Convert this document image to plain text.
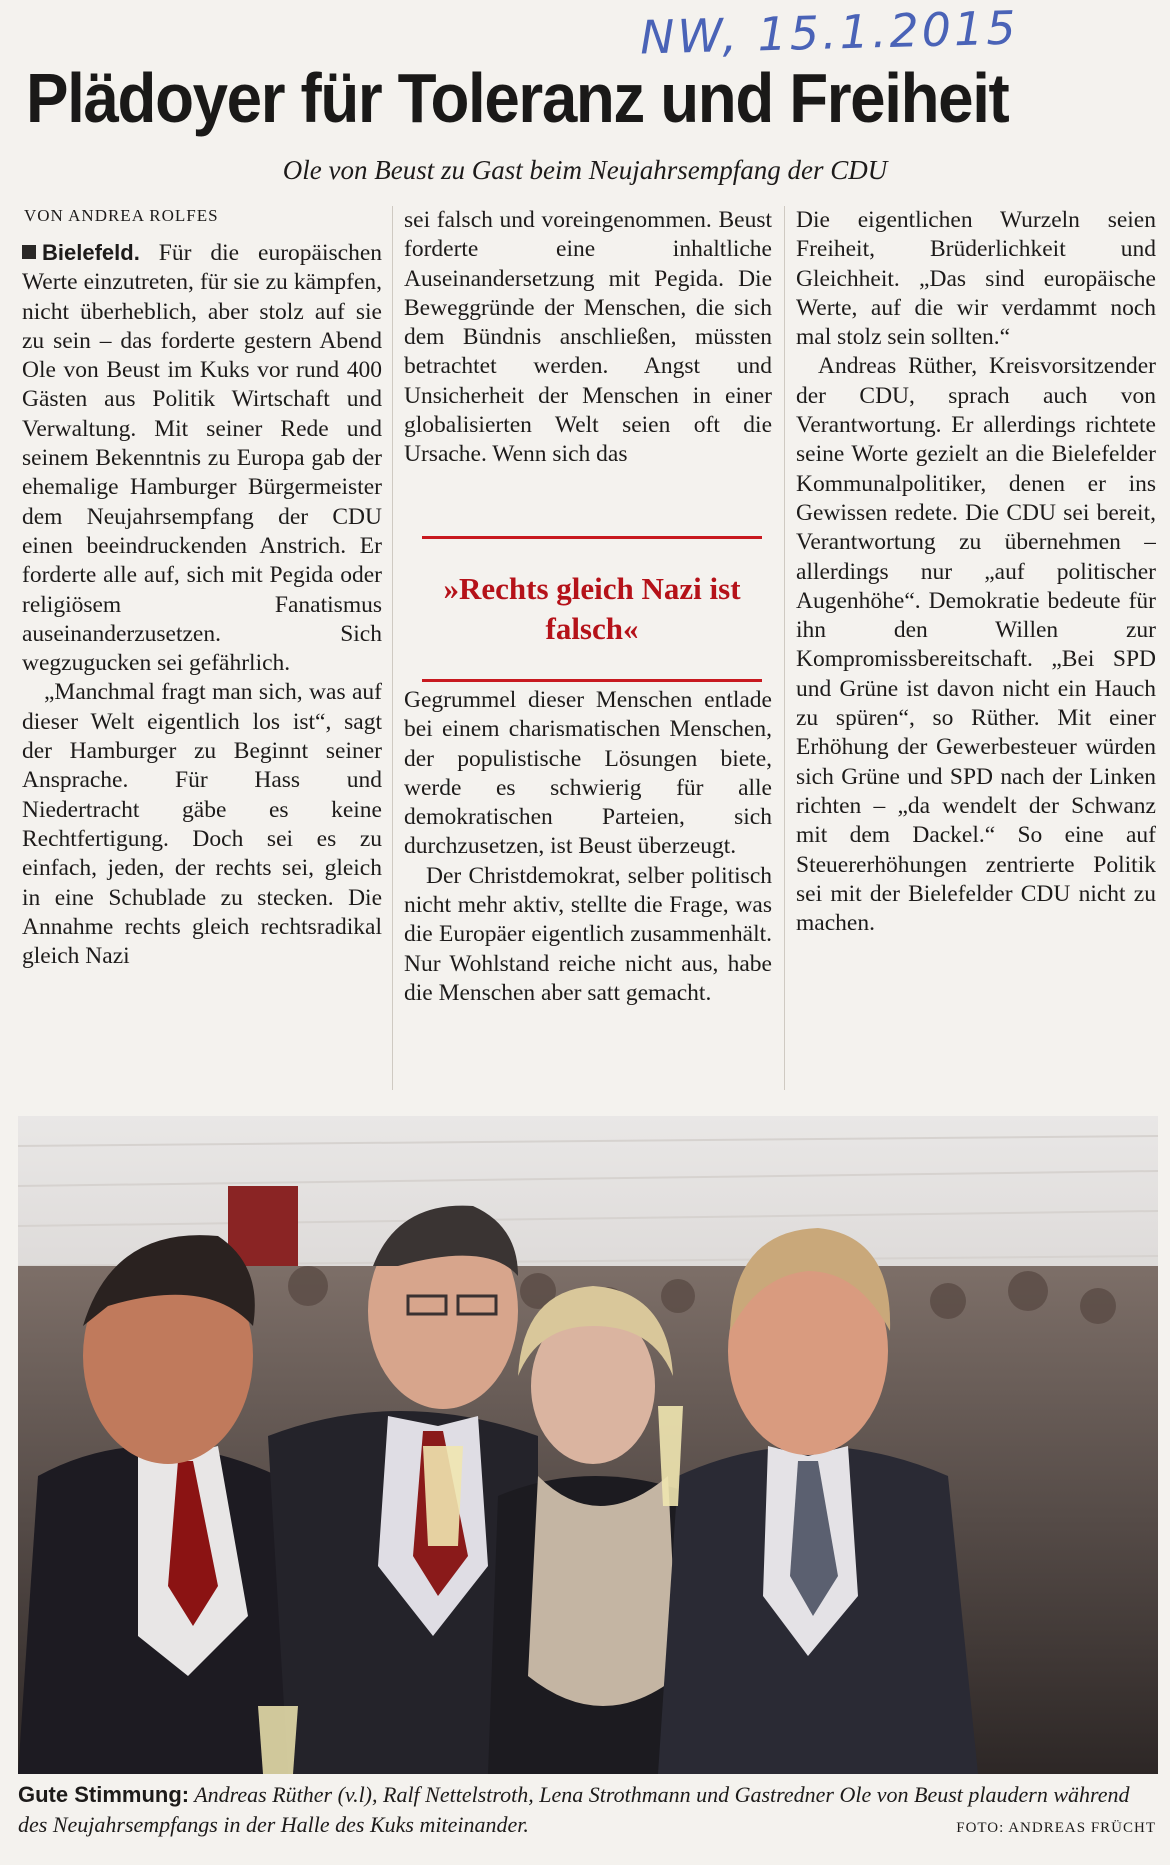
NW, 15.1.2015
Plädoyer für Toleranz und Freiheit
Ole von Beust zu Gast beim Neujahrsempfang der CDU
VON ANDREA ROLFES

Bielefeld. Für die europäischen Werte einzutreten, für sie zu kämpfen, nicht überheblich, aber stolz auf sie zu sein – das forderte gestern Abend Ole von Beust im Kuks vor rund 400 Gästen aus Politik Wirtschaft und Verwaltung. Mit seiner Rede und seinem Bekenntnis zu Europa gab der ehemalige Hamburger Bürgermeister dem Neujahrsempfang der CDU einen beeindruckenden Anstrich. Er forderte alle auf, sich mit Pegida oder religiösem Fanatismus auseinanderzusetzen. Sich wegzugucken sei gefährlich.

„Manchmal fragt man sich, was auf dieser Welt eigentlich los ist“, sagt der Hamburger zu Beginnt seiner Ansprache. Für Hass und Niedertracht gäbe es keine Rechtfertigung. Doch sei es zu einfach, jeden, der rechts sei, gleich in eine Schublade zu stecken. Die Annahme rechts gleich rechtsradikal gleich Nazi

sei falsch und voreingenommen. Beust forderte eine inhaltliche Auseinandersetzung mit Pegida. Die Beweggründe der Menschen, die sich dem Bündnis anschließen, müssten betrachtet werden. Angst und Unsicherheit der Menschen in einer globalisierten Welt seien oft die Ursache. Wenn sich das

»Rechts gleich Nazi ist falsch«

Gegrummel dieser Menschen entlade bei einem charismatischen Menschen, der populistische Lösungen biete, werde es schwierig für alle demokratischen Parteien, sich durchzusetzen, ist Beust überzeugt.

Der Christdemokrat, selber politisch nicht mehr aktiv, stellte die Frage, was die Europäer eigentlich zusammenhält. Nur Wohlstand reiche nicht aus, habe die Menschen aber satt gemacht.

Die eigentlichen Wurzeln seien Freiheit, Brüderlichkeit und Gleichheit. „Das sind europäische Werte, auf die wir verdammt noch mal stolz sein sollten.“

Andreas Rüther, Kreisvorsitzender der CDU, sprach auch von Verantwortung. Er allerdings richtete seine Worte gezielt an die Bielefelder Kommunalpolitiker, denen er ins Gewissen redete. Die CDU sei bereit, Verantwortung zu übernehmen – allerdings nur „auf politischer Augenhöhe“. Demokratie bedeute für ihn den Willen zur Kompromissbereitschaft. „Bei SPD und Grüne ist davon nicht ein Hauch zu spüren“, so Rüther. Mit einer Erhöhung der Gewerbesteuer würden sich Grüne und SPD nach der Linken richten – „da wendelt der Schwanz mit dem Dackel.“ So eine auf Steuererhöhungen zentrierte Politik sei mit der Bielefelder CDU nicht zu machen.

Gute Stimmung: Andreas Rüther (v.l), Ralf Nettelstroth, Lena Strothmann und Gastredner Ole von Beust plaudern während des Neujahrsempfangs in der Halle des Kuks miteinander.	FOTO: ANDREAS FRÜCHT
